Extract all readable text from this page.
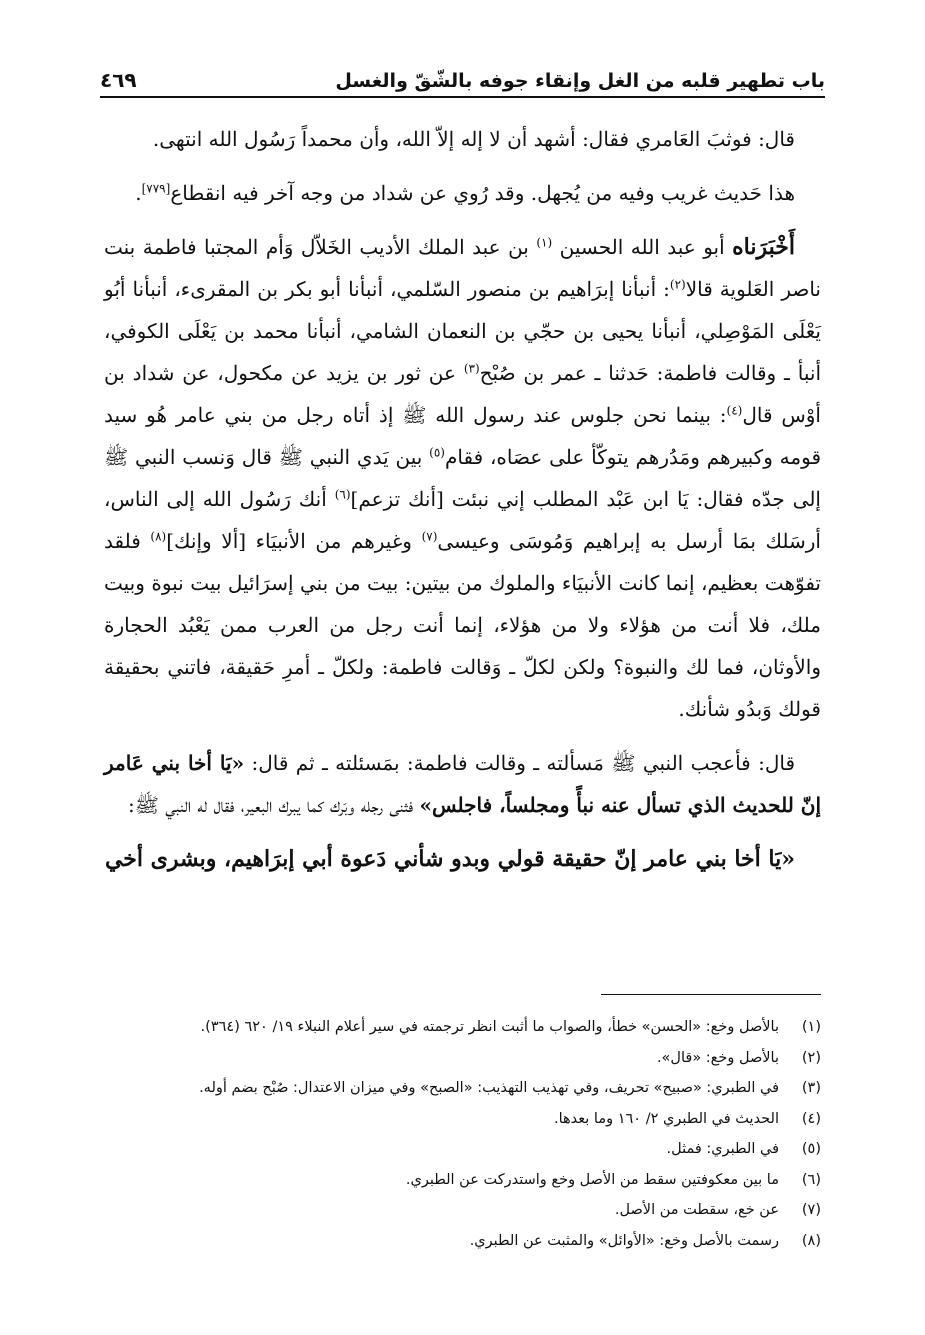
باب تطهير قلبه من الغل وإنقاء جوفه بالشّقّ والغسل
٤٦٩

قال: فوثبَ العَامري فقال: أشهد أن لا إله إلاّ الله، وأن محمداً رَسُول الله انتهى.

هذا حَديث غريب وفيه من يُجهل. وقد رُوي عن شداد من وجه آخر فيه انقطاع[٧٧٩].

أَخْبَرَناه أبو عبد الله الحسين $^{(١)}$ بن عبد الملك الأديب الخَلاّل وَأم المجتبا فاطمة بنت ناصر العَلوية قالا$^{(٢)}$: أنبأنا إبرَاهيم بن منصور السّلمي، أنبأنا أبو بكر بن المقرىء، أنبأنا أبُو يَعْلَى المَوْصِلي، أنبأنا يحيى بن حجّي بن النعمان الشامي، أنبأنا محمد بن يَعْلَى الكوفي، أنبأ ـ وقالت فاطمة: حَدثنا ـ عمر بن صُبْح$^{(٣)}$ عن ثور بن يزيد عن مكحول، عن شداد بن أوْس قال$^{(٤)}$: بينما نحن جلوس عند رسول الله ﷺ إذ أتاه رجل من بني عامر هُو سيد قومه وكبيرهم ومَدُرهم يتوكّأ على عصَاه، فقام$^{(٥)}$ بين يَدي النبي ﷺ قال وَنسب النبي ﷺ إلى جدّه فقال: يَا ابن عَبْد المطلب إني نبئت [أنك تزعم]$^{(٦)}$ أنك رَسُول الله إلى الناس، أرسَلك بمَا أرسل به إبراهيم وَمُوسَى وعيسى$^{(٧)}$ وغيرهم من الأنبيَاء [ألا وإنك]$^{(٨)}$ فلقد تفوّهت بعظيم، إنما كانت الأنبيَاء والملوك من بيتين: بيت من بني إسرَائيل بيت نبوة وبيت ملك، فلا أنت من هؤلاء ولا من هؤلاء، إنما أنت رجل من العرب ممن يَعْبُد الحجارة والأوثان، فما لك والنبوة؟ ولكن لكلّ ـ وَقالت فاطمة: ولكلّ ـ أمرِ حَقيقة، فاتني بحقيقة قولك وَبدُو شأنك.

قال: فأعجب النبي ﷺ مَسألته ـ وقالت فاطمة: بمَسئلته ـ ثم قال: «يَا أخا بني عَامر إنّ للحديث الذي تسأل عنه نبأً ومجلساً، فاجلس» فثنى رجله وبَرك كما يبرك البعير، فقال له النبي ﷺ:

«يَا أخا بني عامر إنّ حقيقة قولي وبدو شأني دَعوة أبي إبرَاهيم، وبشرى أخي

(١)
بالأصل وخع: «الحسن» خطأ، والصواب ما أثبت انظر ترجمته في سير أعلام النبلاء ١٩/ ٦٢٠ (٣٦٤).
(٢)
بالأصل وخع: «قال».
(٣)
في الطبري: «صبيح» تحريف، وفي تهذيب التهذيب: «الصبح» وفي ميزان الاعتدال: صُبْح بضم أوله.
(٤)
الحديث في الطبري ٢/ ١٦٠ وما بعدها.
(٥)
في الطبري: فمثل.
(٦)
ما بين معكوفتين سقط من الأصل وخع واستدركت عن الطبري.
(٧)
عن خع، سقطت من الأصل.
(٨)
رسمت بالأصل وخع: «الأوائل» والمثبت عن الطبري.
